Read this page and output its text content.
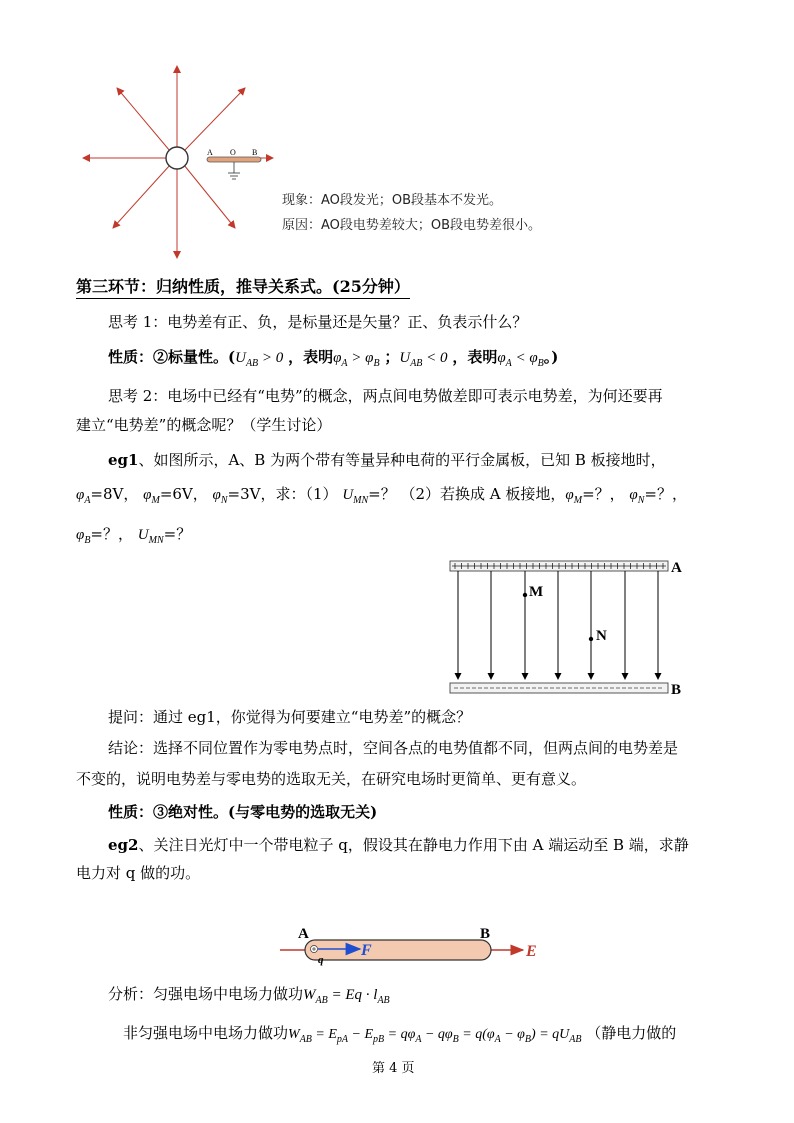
A O B
现象：AO段发光；OB段基本不发光。
原因：AO段电势差较大；OB段电势差很小。
第三环节：归纳性质，推导关系式。(25分钟）
思考 1：电势差有正、负，是标量还是矢量？正、负表示什么？
性质：②标量性。($U_{AB} > 0$ ，表明$\varphi_A > \varphi_B$ ；$U_{AB} < 0$ ，表明$\varphi_A < \varphi_B$。)
思考 2：电场中已经有“电势”的概念，两点间电势做差即可表示电势差，为何还要再
建立“电势差”的概念呢？（学生讨论）
eg1、如图所示，A、B 为两个带有等量异种电荷的平行金属板，已知 B 板接地时，
$\varphi_A=8V$， $\varphi_M=6V$， $\varphi_N=3V$，求：（1） $U_{MN}=$？ （2）若换成 A 板接地，$\varphi_M=$？， $\varphi_N=$？，
$\varphi_B=$？， $U_{MN}=$？
M
N
A
B
提问：通过 eg1，你觉得为何要建立“电势差”的概念？
结论：选择不同位置作为零电势点时，空间各点的电势值都不同，但两点间的电势差是
不变的，说明电势差与零电势的选取无关，在研究电场时更简单、更有意义。
性质：③绝对性。(与零电势的选取无关)
eg2、关注日光灯中一个带电粒子 q，假设其在静电力作用下由 A 端运动至 B 端，求静
电力对 q 做的功。
A	B
q
F	E
分析：匀强电场中电场力做功$W_{AB} = Eq \cdot l_{AB}$
非匀强电场中电场力做功$W_{AB} = E_{pA} - E_{pB} = q\varphi_A - q\varphi_B = q(\varphi_A - \varphi_B) = qU_{AB}$ （静电力做的
第 4 页
